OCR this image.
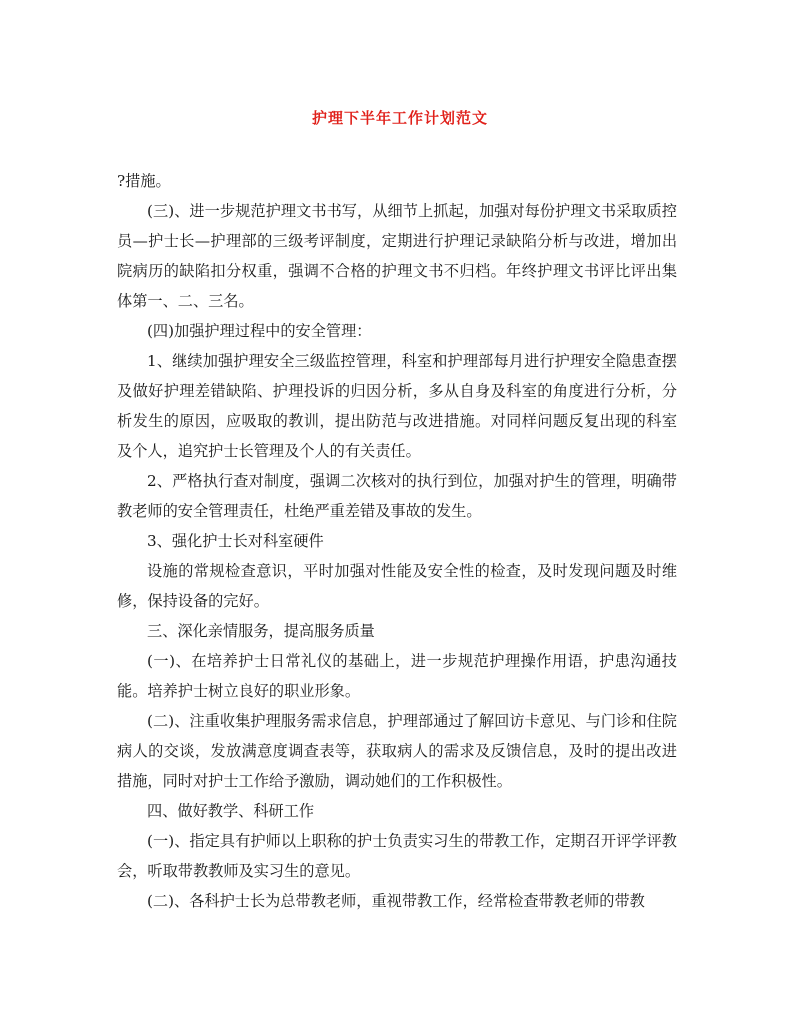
护理下半年工作计划范文

?措施。

(三)、进一步规范护理文书书写，从细节上抓起，加强对每份护理文书采取质控员—护士长—护理部的三级考评制度，定期进行护理记录缺陷分析与改进，增加出院病历的缺陷扣分权重，强调不合格的护理文书不归档。年终护理文书评比评出集体第一、二、三名。

(四)加强护理过程中的安全管理：

1、继续加强护理安全三级监控管理，科室和护理部每月进行护理安全隐患查摆及做好护理差错缺陷、护理投诉的归因分析，多从自身及科室的角度进行分析，分析发生的原因，应吸取的教训，提出防范与改进措施。对同样问题反复出现的科室及个人，追究护士长管理及个人的有关责任。

2、严格执行查对制度，强调二次核对的执行到位，加强对护生的管理，明确带教老师的安全管理责任，杜绝严重差错及事故的发生。

3、强化护士长对科室硬件

设施的常规检查意识，平时加强对性能及安全性的检查，及时发现问题及时维修，保持设备的完好。

三、深化亲情服务，提高服务质量

(一)、在培养护士日常礼仪的基础上，进一步规范护理操作用语，护患沟通技能。培养护士树立良好的职业形象。

(二)、注重收集护理服务需求信息，护理部通过了解回访卡意见、与门诊和住院病人的交谈，发放满意度调查表等，获取病人的需求及反馈信息，及时的提出改进措施，同时对护士工作给予激励，调动她们的工作积极性。

四、做好教学、科研工作

(一)、指定具有护师以上职称的护士负责实习生的带教工作，定期召开评学评教会，听取带教教师及实习生的意见。

(二)、各科护士长为总带教老师，重视带教工作，经常检查带教老师的带教
